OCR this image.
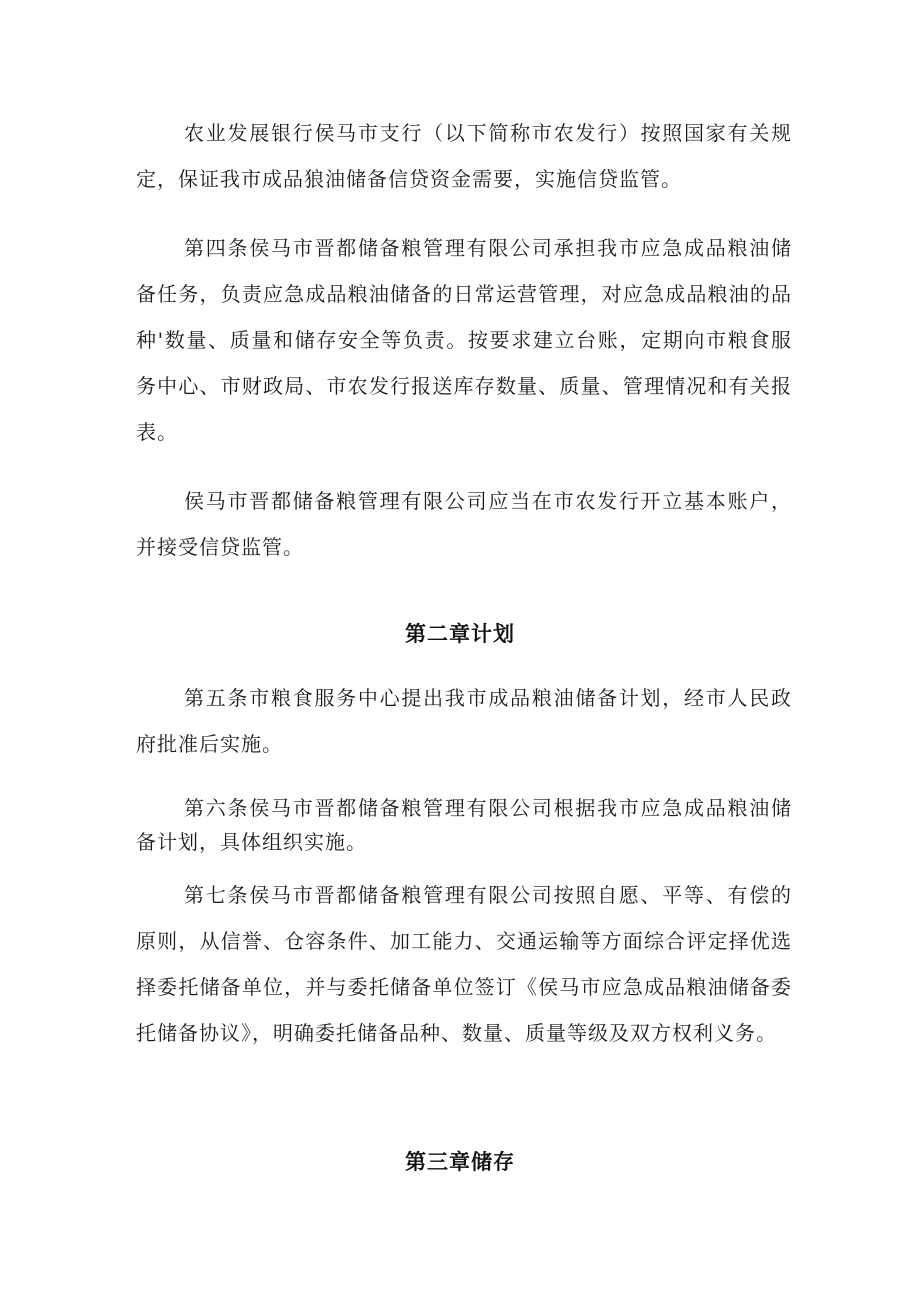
农业发展银行侯马市支行（以下简称市农发行）按照国家有关规定，保证我市成品狼油储备信贷资金需要，实施信贷监管。

第四条侯马市晋都储备粮管理有限公司承担我市应急成品粮油储备任务，负责应急成品粮油储备的日常运营管理，对应急成品粮油的品种'数量、质量和储存安全等负责。按要求建立台账，定期向市粮食服务中心、市财政局、市农发行报送库存数量、质量、管理情况和有关报表。

侯马市晋都储备粮管理有限公司应当在市农发行开立基本账户，并接受信贷监管。

第二章计划

第五条市粮食服务中心提出我市成品粮油储备计划，经市人民政府批准后实施。

第六条侯马市晋都储备粮管理有限公司根据我市应急成品粮油储备计划，具体组织实施。

第七条侯马市晋都储备粮管理有限公司按照自愿、平等、有偿的原则，从信誉、仓容条件、加工能力、交通运输等方面综合评定择优选择委托储备单位，并与委托储备单位签订《侯马市应急成品粮油储备委托储备协议》，明确委托储备品种、数量、质量等级及双方权利义务。

第三章储存
